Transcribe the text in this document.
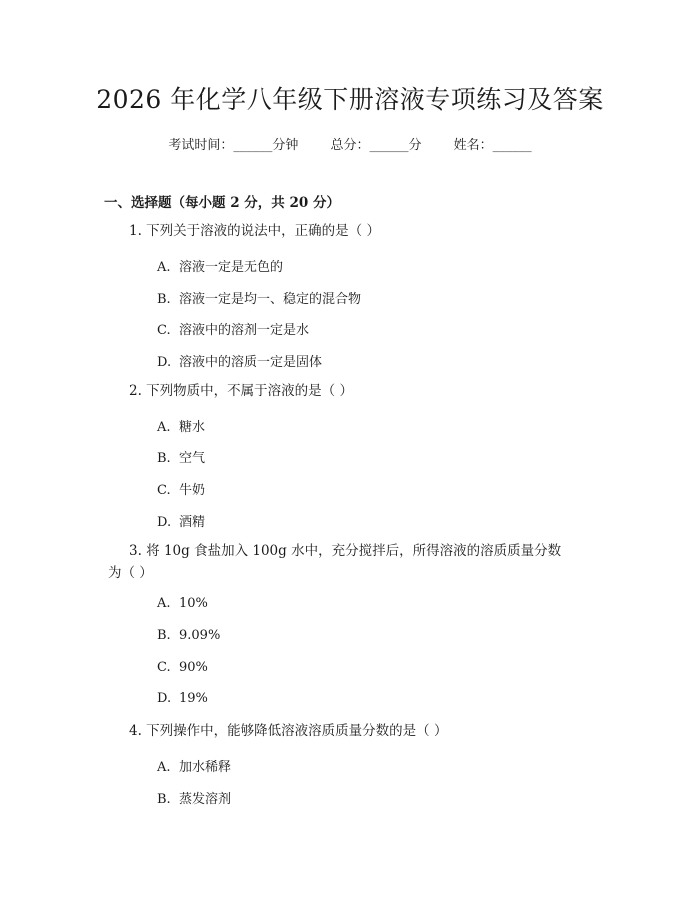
2026 年化学八年级下册溶液专项练习及答案
考试时间：______分钟 总分：______分 姓名：______
一、选择题（每小题 2 分，共 20 分）
1. 下列关于溶液的说法中，正确的是（ ）
A. 溶液一定是无色的
B. 溶液一定是均一、稳定的混合物
C. 溶液中的溶剂一定是水
D. 溶液中的溶质一定是固体
2. 下列物质中，不属于溶液的是（ ）
A. 糖水
B. 空气
C. 牛奶
D. 酒精
3. 将 10g 食盐加入 100g 水中，充分搅拌后，所得溶液的溶质质量分数为（ ）
A. 10%
B. 9.09%
C. 90%
D. 19%
4. 下列操作中，能够降低溶液溶质质量分数的是（ ）
A. 加水稀释
B. 蒸发溶剂
